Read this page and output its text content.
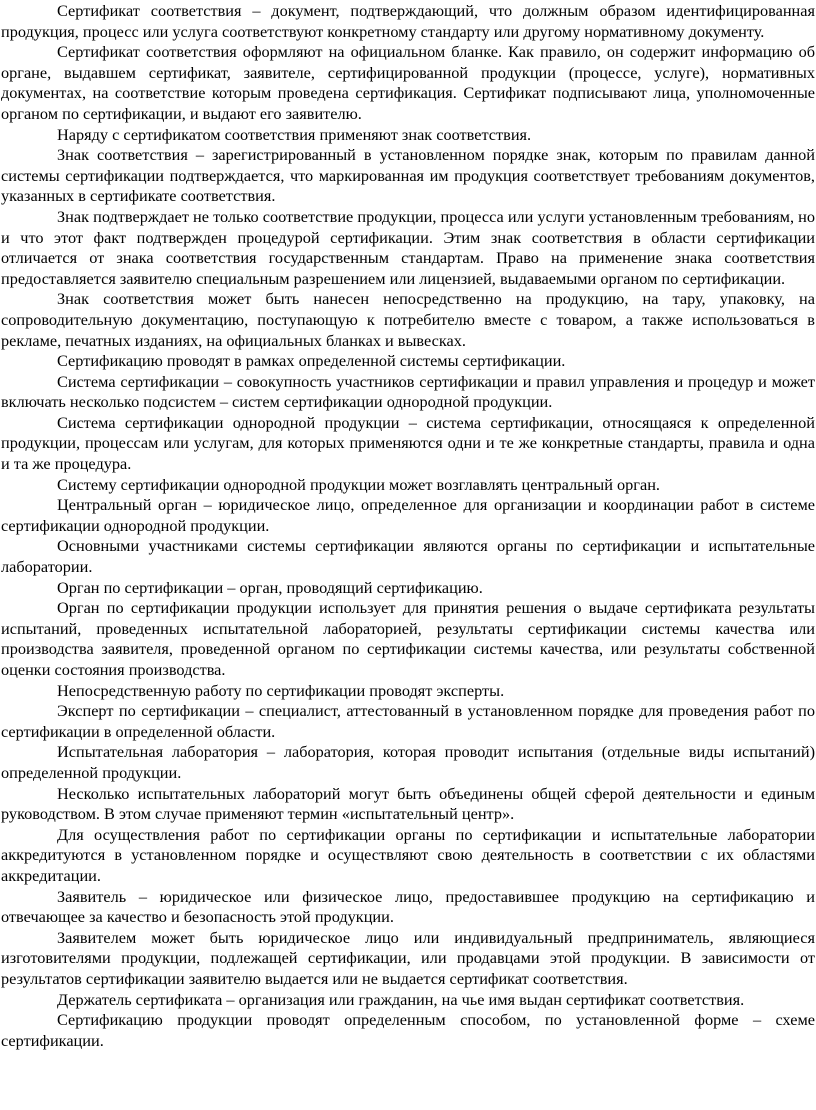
Сертификат соответствия – документ, подтверждающий, что должным образом идентифицированная продукция, процесс или услуга соответствуют конкретному стандарту или другому нормативному документу.

Сертификат соответствия оформляют на официальном бланке. Как правило, он содержит информацию об органе, выдавшем сертификат, заявителе, сертифицированной продукции (процессе, услуге), нормативных документах, на соответствие которым проведена сертификация. Сертификат подписывают лица, уполномоченные органом по сертификации, и выдают его заявителю.

Наряду с сертификатом соответствия применяют знак соответствия.

Знак соответствия – зарегистрированный в установленном порядке знак, которым по правилам данной системы сертификации подтверждается, что маркированная им продукция соответствует требованиям документов, указанных в сертификате соответствия.

Знак подтверждает не только соответствие продукции, процесса или услуги установленным требованиям, но и что этот факт подтвержден процедурой сертификации. Этим знак соответствия в области сертификации отличается от знака соответствия государственным стандартам. Право на применение знака соответствия предоставляется заявителю специальным разрешением или лицензией, выдаваемыми органом по сертификации.

Знак соответствия может быть нанесен непосредственно на продукцию, на тару, упаковку, на сопроводительную документацию, поступающую к потребителю вместе с товаром, а также использоваться в рекламе, печатных изданиях, на официальных бланках и вывесках.

Сертификацию проводят в рамках определенной системы сертификации.

Система сертификации – совокупность участников сертификации и правил управления и процедур и может включать несколько подсистем – систем сертификации однородной продукции.

Система сертификации однородной продукции – система сертификации, относящаяся к определенной продукции, процессам или услугам, для которых применяются одни и те же конкретные стандарты, правила и одна и та же процедура.

Систему сертификации однородной продукции может возглавлять центральный орган.

Центральный орган – юридическое лицо, определенное для организации и координации работ в системе сертификации однородной продукции.

Основными участниками системы сертификации являются органы по сертификации и испытательные лаборатории.

Орган по сертификации – орган, проводящий сертификацию.

Орган по сертификации продукции использует для принятия решения о выдаче сертификата результаты испытаний, проведенных испытательной лабораторией, результаты сертификации системы качества или производства заявителя, проведенной органом по сертификации системы качества, или результаты собственной оценки состояния производства.

Непосредственную работу по сертификации проводят эксперты.

Эксперт по сертификации – специалист, аттестованный в установленном порядке для проведения работ по сертификации в определенной области.

Испытательная лаборатория – лаборатория, которая проводит испытания (отдельные виды испытаний) определенной продукции.

Несколько испытательных лабораторий могут быть объединены общей сферой деятельности и единым руководством. В этом случае применяют термин «испытательный центр».

Для осуществления работ по сертификации органы по сертификации и испытательные лаборатории аккредитуются в установленном порядке и осуществляют свою деятельность в соответствии с их областями аккредитации.

Заявитель – юридическое или физическое лицо, предоставившее продукцию на сертификацию и отвечающее за качество и безопасность этой продукции.

Заявителем может быть юридическое лицо или индивидуальный предприниматель, являющиеся изготовителями продукции, подлежащей сертификации, или продавцами этой продукции. В зависимости от результатов сертификации заявителю выдается или не выдается сертификат соответствия.

Держатель сертификата – организация или гражданин, на чье имя выдан сертификат соответствия.

Сертификацию продукции проводят определенным способом, по установленной форме – схеме сертификации.
